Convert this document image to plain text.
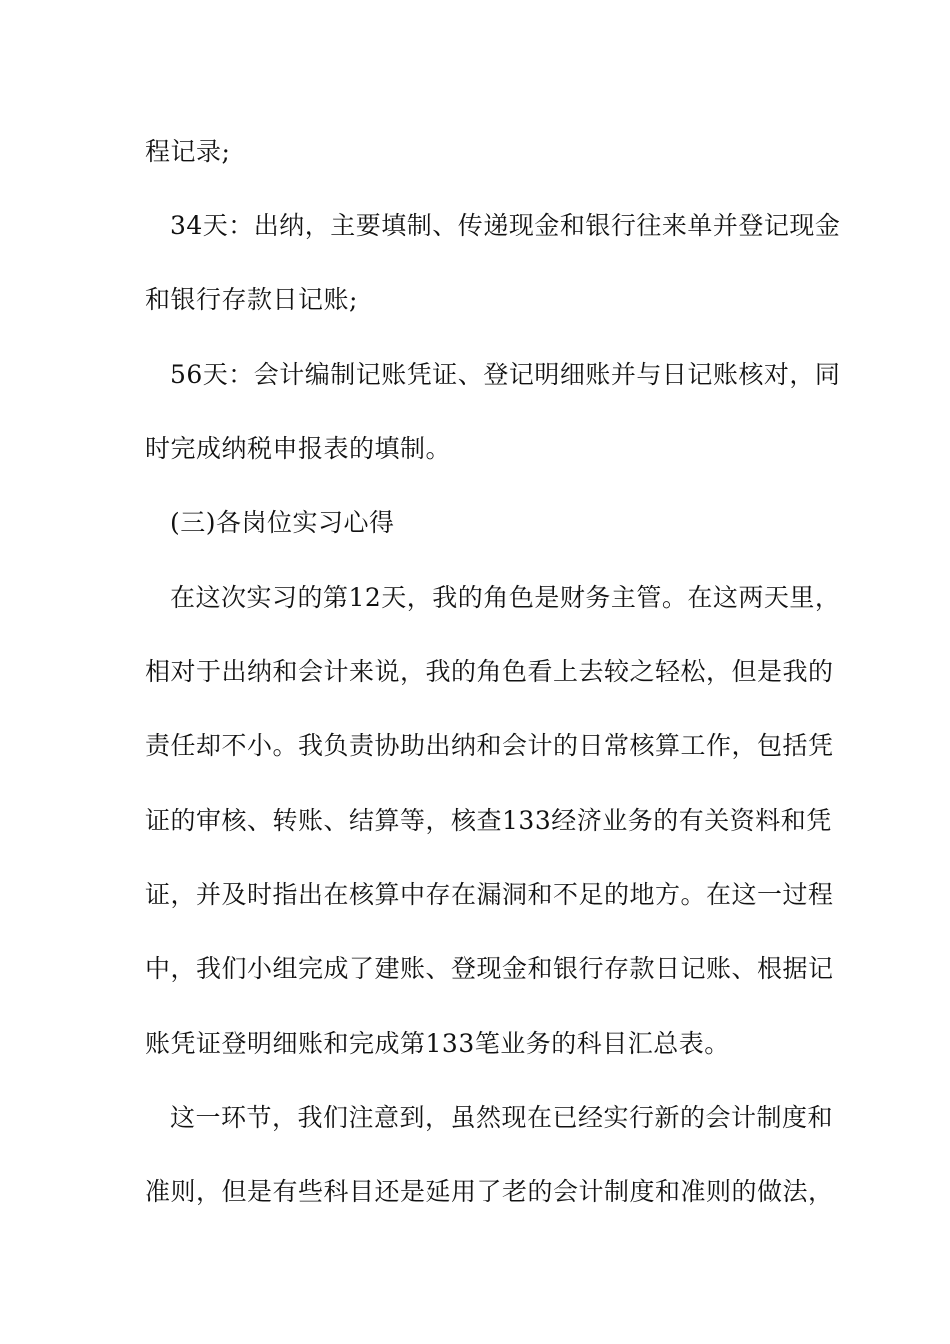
程记录;
34天：出纳，主要填制、传递现金和银行往来单并登记现金
和银行存款日记账;
56天：会计编制记账凭证、登记明细账并与日记账核对，同
时完成纳税申报表的填制。
(三)各岗位实习心得
在这次实习的第12天，我的角色是财务主管。在这两天里，
相对于出纳和会计来说，我的角色看上去较之轻松，但是我的
责任却不小。我负责协助出纳和会计的日常核算工作，包括凭
证的审核、转账、结算等，核查133经济业务的有关资料和凭
证，并及时指出在核算中存在漏洞和不足的地方。在这一过程
中，我们小组完成了建账、登现金和银行存款日记账、根据记
账凭证登明细账和完成第133笔业务的科目汇总表。
这一环节，我们注意到，虽然现在已经实行新的会计制度和
准则，但是有些科目还是延用了老的会计制度和准则的做法，
